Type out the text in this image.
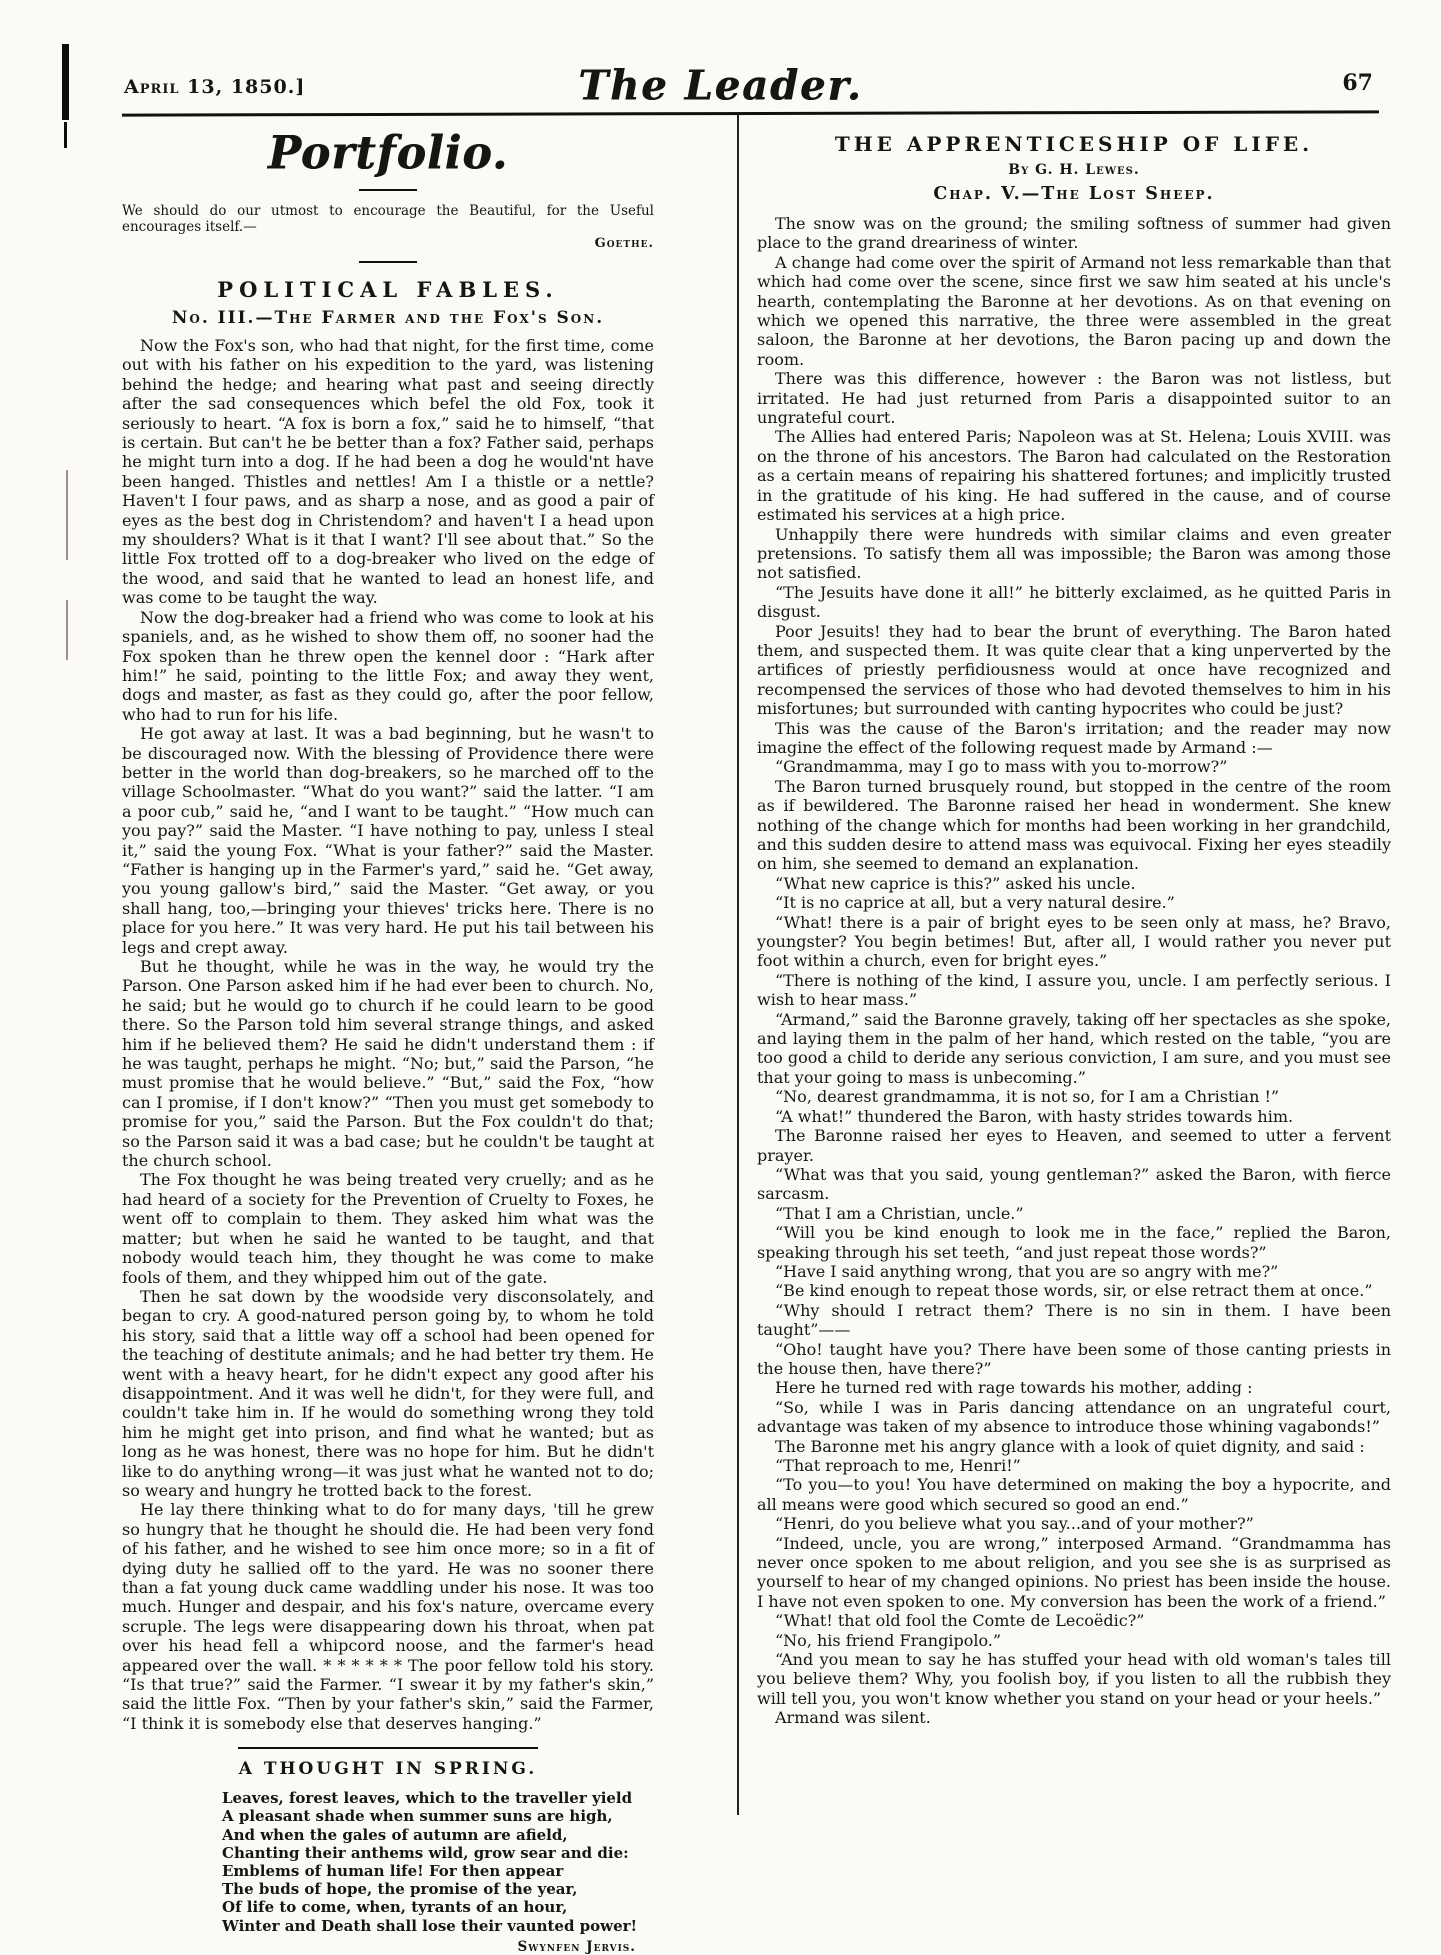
April 13, 1850.]	The Leader.	67
Portfolio.
We should do our utmost to encourage the Beautiful, for the Useful encourages itself.—
Goethe.
POLITICAL FABLES.
No. III.—The Farmer and the Fox's Son.

Now the Fox's son, who had that night, for the first time, come out with his father on his expedition to the yard, was listening behind the hedge; and hearing what past and seeing directly after the sad consequences which befel the old Fox, took it seriously to heart. “A fox is born a fox,” said he to himself, “that is certain. But can't he be better than a fox? Father said, perhaps he might turn into a dog. If he had been a dog he would'nt have been hanged. Thistles and nettles! Am I a thistle or a nettle? Haven't I four paws, and as sharp a nose, and as good a pair of eyes as the best dog in Christendom? and haven't I a head upon my shoulders? What is it that I want? I'll see about that.” So the little Fox trotted off to a dog-breaker who lived on the edge of the wood, and said that he wanted to lead an honest life, and was come to be taught the way.

Now the dog-breaker had a friend who was come to look at his spaniels, and, as he wished to show them off, no sooner had the Fox spoken than he threw open the kennel door : “Hark after him!” he said, pointing to the little Fox; and away they went, dogs and master, as fast as they could go, after the poor fellow, who had to run for his life.

He got away at last. It was a bad beginning, but he wasn't to be discouraged now. With the blessing of Providence there were better in the world than dog-breakers, so he marched off to the village Schoolmaster. “What do you want?” said the latter. “I am a poor cub,” said he, “and I want to be taught.” “How much can you pay?” said the Master. “I have nothing to pay, unless I steal it,” said the young Fox. “What is your father?” said the Master. “Father is hanging up in the Farmer's yard,” said he. “Get away, you young gallow's bird,” said the Master. “Get away, or you shall hang, too,—bringing your thieves' tricks here. There is no place for you here.” It was very hard. He put his tail between his legs and crept away.

But he thought, while he was in the way, he would try the Parson. One Parson asked him if he had ever been to church. No, he said; but he would go to church if he could learn to be good there. So the Parson told him several strange things, and asked him if he believed them? He said he didn't understand them : if he was taught, perhaps he might. “No; but,” said the Parson, “he must promise that he would believe.” “But,” said the Fox, “how can I promise, if I don't know?” “Then you must get somebody to promise for you,” said the Parson. But the Fox couldn't do that; so the Parson said it was a bad case; but he couldn't be taught at the church school.

The Fox thought he was being treated very cruelly; and as he had heard of a society for the Prevention of Cruelty to Foxes, he went off to complain to them. They asked him what was the matter; but when he said he wanted to be taught, and that nobody would teach him, they thought he was come to make fools of them, and they whipped him out of the gate.

Then he sat down by the woodside very disconsolately, and began to cry. A good-natured person going by, to whom he told his story, said that a little way off a school had been opened for the teaching of destitute animals; and he had better try them. He went with a heavy heart, for he didn't expect any good after his disappointment. And it was well he didn't, for they were full, and couldn't take him in. If he would do something wrong they told him he might get into prison, and find what he wanted; but as long as he was honest, there was no hope for him. But he didn't like to do anything wrong—it was just what he wanted not to do; so weary and hungry he trotted back to the forest.

He lay there thinking what to do for many days, 'till he grew so hungry that he thought he should die. He had been very fond of his father, and he wished to see him once more; so in a fit of dying duty he sallied off to the yard. He was no sooner there than a fat young duck came waddling under his nose. It was too much. Hunger and despair, and his fox's nature, overcame every scruple. The legs were disappearing down his throat, when pat over his head fell a whipcord noose, and the farmer's head appeared over the wall. * * * * * * The poor fellow told his story. “Is that true?” said the Farmer. “I swear it by my father's skin,” said the little Fox. “Then by your father's skin,” said the Farmer, “I think it is somebody else that deserves hanging.”

A THOUGHT IN SPRING.

Leaves, forest leaves, which to the traveller yield

A pleasant shade when summer suns are high,

And when the gales of autumn are afield,

Chanting their anthems wild, grow sear and die:

Emblems of human life! For then appear

The buds of hope, the promise of the year,

Of life to come, when, tyrants of an hour,

Winter and Death shall lose their vaunted power!

Swynfen Jervis.
THE APPRENTICESHIP OF LIFE.
By G. H. Lewes.
Chap. V.—The Lost Sheep.

The snow was on the ground; the smiling softness of summer had given place to the grand dreariness of winter.

A change had come over the spirit of Armand not less remarkable than that which had come over the scene, since first we saw him seated at his uncle's hearth, contemplating the Baronne at her devotions. As on that evening on which we opened this narrative, the three were assembled in the great saloon, the Baronne at her devotions, the Baron pacing up and down the room.

There was this difference, however : the Baron was not listless, but irritated. He had just returned from Paris a disappointed suitor to an ungrateful court.

The Allies had entered Paris; Napoleon was at St. Helena; Louis XVIII. was on the throne of his ancestors. The Baron had calculated on the Restoration as a certain means of repairing his shattered fortunes; and implicitly trusted in the gratitude of his king. He had suffered in the cause, and of course estimated his services at a high price.

Unhappily there were hundreds with similar claims and even greater pretensions. To satisfy them all was impossible; the Baron was among those not satisfied.

“The Jesuits have done it all!” he bitterly exclaimed, as he quitted Paris in disgust.

Poor Jesuits! they had to bear the brunt of everything. The Baron hated them, and suspected them. It was quite clear that a king unperverted by the artifices of priestly perfidiousness would at once have recognized and recompensed the services of those who had devoted themselves to him in his misfortunes; but surrounded with canting hypocrites who could be just?

This was the cause of the Baron's irritation; and the reader may now imagine the effect of the following request made by Armand :—

“Grandmamma, may I go to mass with you to-morrow?”

The Baron turned brusquely round, but stopped in the centre of the room as if bewildered. The Baronne raised her head in wonderment. She knew nothing of the change which for months had been working in her grandchild, and this sudden desire to attend mass was equivocal. Fixing her eyes steadily on him, she seemed to demand an explanation.

“What new caprice is this?” asked his uncle.

“It is no caprice at all, but a very natural desire.”

“What! there is a pair of bright eyes to be seen only at mass, he? Bravo, youngster? You begin betimes! But, after all, I would rather you never put foot within a church, even for bright eyes.”

“There is nothing of the kind, I assure you, uncle. I am perfectly serious. I wish to hear mass.”

“Armand,” said the Baronne gravely, taking off her spectacles as she spoke, and laying them in the palm of her hand, which rested on the table, “you are too good a child to deride any serious conviction, I am sure, and you must see that your going to mass is unbecoming.”

“No, dearest grandmamma, it is not so, for I am a Christian !”

“A what!” thundered the Baron, with hasty strides towards him.

The Baronne raised her eyes to Heaven, and seemed to utter a fervent prayer.

“What was that you said, young gentleman?” asked the Baron, with fierce sarcasm.

“That I am a Christian, uncle.”

“Will you be kind enough to look me in the face,” replied the Baron, speaking through his set teeth, “and just repeat those words?”

“Have I said anything wrong, that you are so angry with me?”

“Be kind enough to repeat those words, sir, or else retract them at once.”

“Why should I retract them? There is no sin in them. I have been taught”——

“Oho! taught have you? There have been some of those canting priests in the house then, have there?”

Here he turned red with rage towards his mother, adding :

“So, while I was in Paris dancing attendance on an ungrateful court, advantage was taken of my absence to introduce those whining vagabonds!”

The Baronne met his angry glance with a look of quiet dignity, and said :

“That reproach to me, Henri!”

“To you—to you! You have determined on making the boy a hypocrite, and all means were good which secured so good an end.”

“Henri, do you believe what you say...and of your mother?”

“Indeed, uncle, you are wrong,” interposed Armand. “Grandmamma has never once spoken to me about religion, and you see she is as surprised as yourself to hear of my changed opinions. No priest has been inside the house. I have not even spoken to one. My conversion has been the work of a friend.”

“What! that old fool the Comte de Lecoëdic?”

“No, his friend Frangipolo.”

“And you mean to say he has stuffed your head with old woman's tales till you believe them? Why, you foolish boy, if you listen to all the rubbish they will tell you, you won't know whether you stand on your head or your heels.”

Armand was silent.
